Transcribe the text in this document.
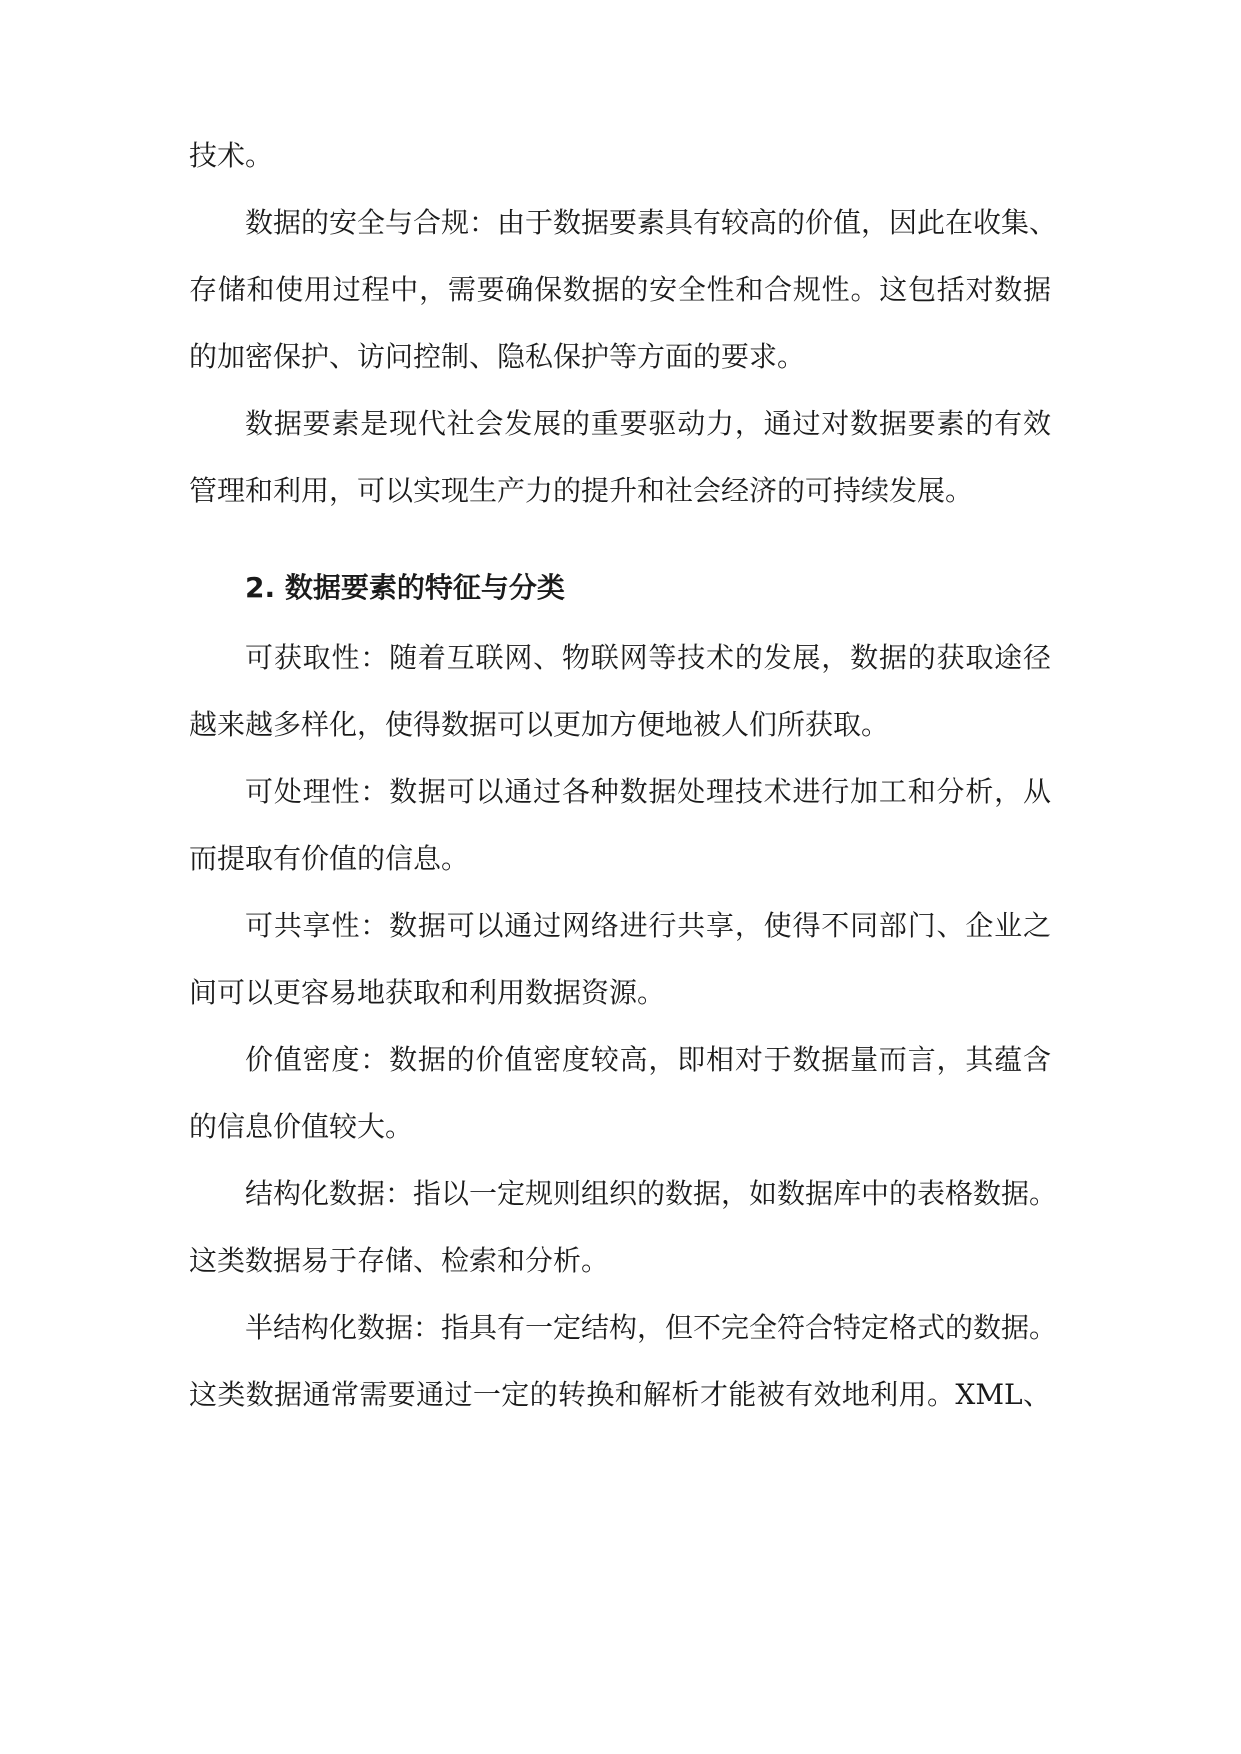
技术。
数据的安全与合规：由于数据要素具有较高的价值，因此在收集、
存储和使用过程中，需要确保数据的安全性和合规性。这包括对数据
的加密保护、访问控制、隐私保护等方面的要求。
数据要素是现代社会发展的重要驱动力，通过对数据要素的有效
管理和利用，可以实现生产力的提升和社会经济的可持续发展。
2. 数据要素的特征与分类
可获取性：随着互联网、物联网等技术的发展，数据的获取途径
越来越多样化，使得数据可以更加方便地被人们所获取。
可处理性：数据可以通过各种数据处理技术进行加工和分析，从
而提取有价值的信息。
可共享性：数据可以通过网络进行共享，使得不同部门、企业之
间可以更容易地获取和利用数据资源。
价值密度：数据的价值密度较高，即相对于数据量而言，其蕴含
的信息价值较大。
结构化数据：指以一定规则组织的数据，如数据库中的表格数据。
这类数据易于存储、检索和分析。
半结构化数据：指具有一定结构，但不完全符合特定格式的数据。
这类数据通常需要通过一定的转换和解析才能被有效地利用。XML、
